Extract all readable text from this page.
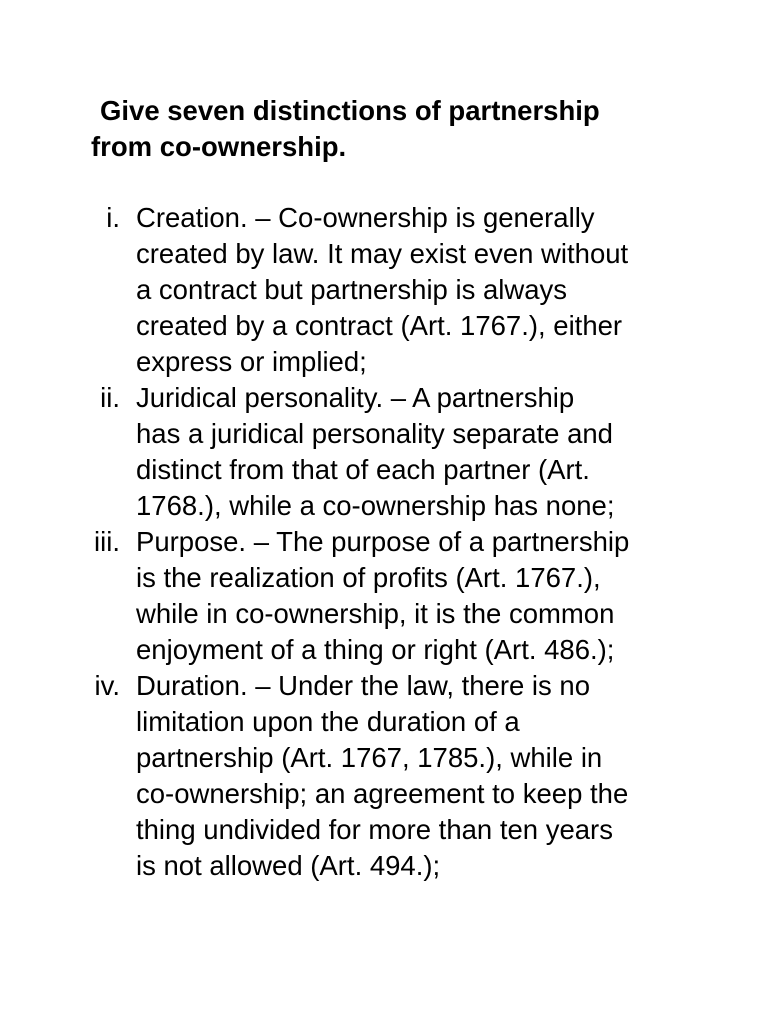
Give seven distinctions of partnership
from co-ownership.
i. Creation. – Co-ownership is generally
created by law. It may exist even without
a contract but partnership is always
created by a contract (Art. 1767.), either
express or implied;
ii. Juridical personality. – A partnership
has a juridical personality separate and
distinct from that of each partner (Art.
1768.), while a co-ownership has none;
iii. Purpose. – The purpose of a partnership
is the realization of profits (Art. 1767.),
while in co-ownership, it is the common
enjoyment of a thing or right (Art. 486.);
iv. Duration. – Under the law, there is no
limitation upon the duration of a
partnership (Art. 1767, 1785.), while in
co-ownership; an agreement to keep the
thing undivided for more than ten years
is not allowed (Art. 494.);
